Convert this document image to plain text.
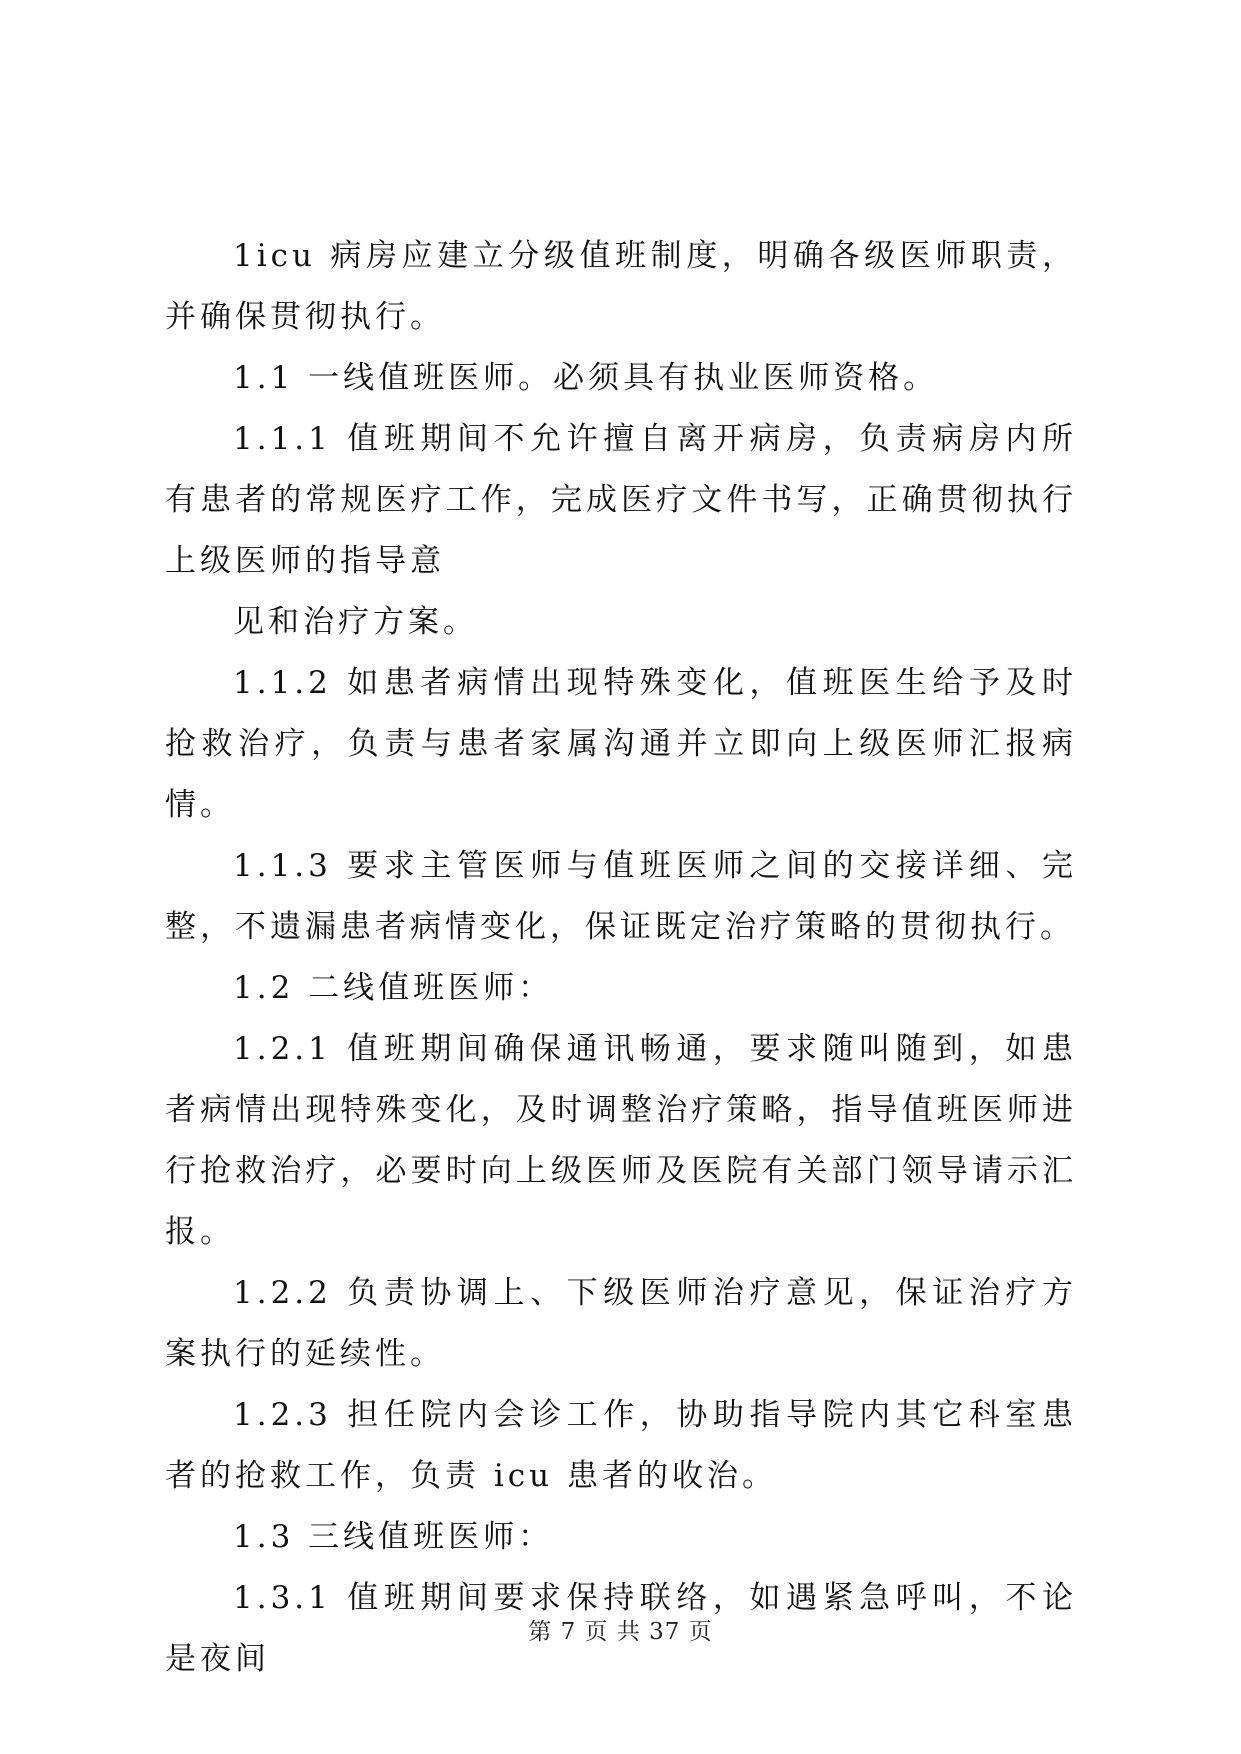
1icu 病房应建立分级值班制度，明确各级医师职责，并确保贯彻执行。

1.1 一线值班医师。必须具有执业医师资格。

1.1.1 值班期间不允许擅自离开病房，负责病房内所有患者的常规医疗工作，完成医疗文件书写，正确贯彻执行上级医师的指导意

见和治疗方案。

1.1.2 如患者病情出现特殊变化，值班医生给予及时抢救治疗，负责与患者家属沟通并立即向上级医师汇报病情。

1.1.3 要求主管医师与值班医师之间的交接详细、完整，不遗漏患者病情变化，保证既定治疗策略的贯彻执行。

1.2 二线值班医师：

1.2.1 值班期间确保通讯畅通，要求随叫随到，如患者病情出现特殊变化，及时调整治疗策略，指导值班医师进行抢救治疗，必要时向上级医师及医院有关部门领导请示汇报。

1.2.2 负责协调上、下级医师治疗意见，保证治疗方案执行的延续性。

1.2.3 担任院内会诊工作，协助指导院内其它科室患者的抢救工作，负责 icu 患者的收治。

1.3 三线值班医师：

1.3.1 值班期间要求保持联络，如遇紧急呼叫，不论是夜间

第 7 页 共 37 页
